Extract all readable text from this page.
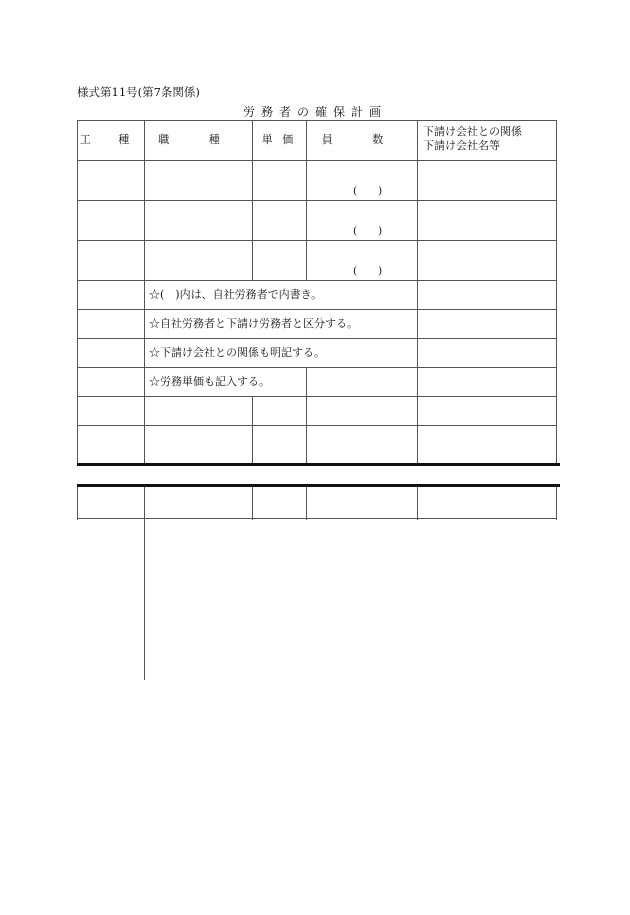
様式第11号(第7条関係)
労務者の確保計画
工 種 職 種 単 価 員 数
下請け会社との関係
下請け会社名等
(　　)
(　　)
(　　)
☆(　)内は、自社労務者で内書き。
☆自社労務者と下請け労務者と区分する。
☆下請け会社との関係も明記する。
☆労務単価も記入する。
